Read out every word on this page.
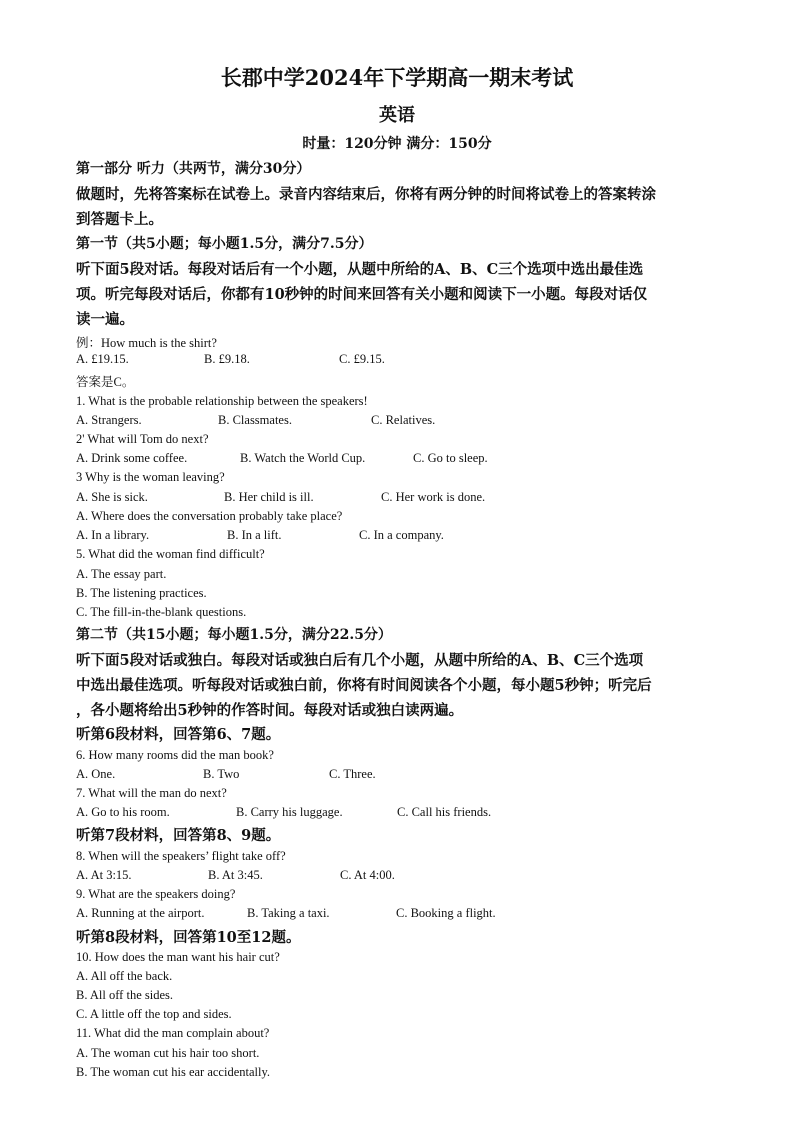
长郡中学2024年下学期高一期末考试
英语
时量：120分钟 满分：150分
第一部分 听力（共两节，满分30分）
做题时，先将答案标在试卷上。录音内容结束后，你将有两分钟的时间将试卷上的答案转涂
到答题卡上。
第一节（共5小题；每小题1.5分，满分7.5分）
听下面5段对话。每段对话后有一个小题，从题中所给的A、B、C三个选项中选出最佳选
项。听完每段对话后，你都有10秒钟的时间来回答有关小题和阅读下一小题。每段对话仅
读一遍。
例：How much is the shirt?
A. £19.15.	B. £9.18.	C. £9.15.
答案是C。
1. What is the probable relationship between the speakers!
A. Strangers.	B. Classmates.	C. Relatives.
2' What will Tom do next?
A. Drink some coffee.	B. Watch the World Cup.	C. Go to sleep.
3 Why is the woman leaving?
A. She is sick.	B. Her child is ill.	C. Her work is done.
A. Where does the conversation probably take place?
A. In a library.	B. In a lift.	C. In a company.
5. What did the woman find difficult?
A. The essay part.
B. The listening practices.
C. The fill-in-the-blank questions.
第二节（共15小题；每小题1.5分，满分22.5分）
听下面5段对话或独白。每段对话或独白后有几个小题，从题中所给的A、B、C三个选项
中选出最佳选项。听每段对话或独白前，你将有时间阅读各个小题，每小题5秒钟；听完后
，各小题将给出5秒钟的作答时间。每段对话或独白读两遍。
听第6段材料，回答第6、7题。
6. How many rooms did the man book?
A. One.	B. Two	C. Three.
7. What will the man do next?
A. Go to his room.	B. Carry his luggage.	C. Call his friends.
听第7段材料，回答第8、9题。
8. When will the speakers’ flight take off?
A. At 3:15.	B. At 3:45.	C. At 4:00.
9. What are the speakers doing?
A. Running at the airport.	B. Taking a taxi.	C. Booking a flight.
听第8段材料，回答第10至12题。
10. How does the man want his hair cut?
A. All off the back.
B. All off the sides.
C. A little off the top and sides.
11. What did the man complain about?
A. The woman cut his hair too short.
B. The woman cut his ear accidentally.
